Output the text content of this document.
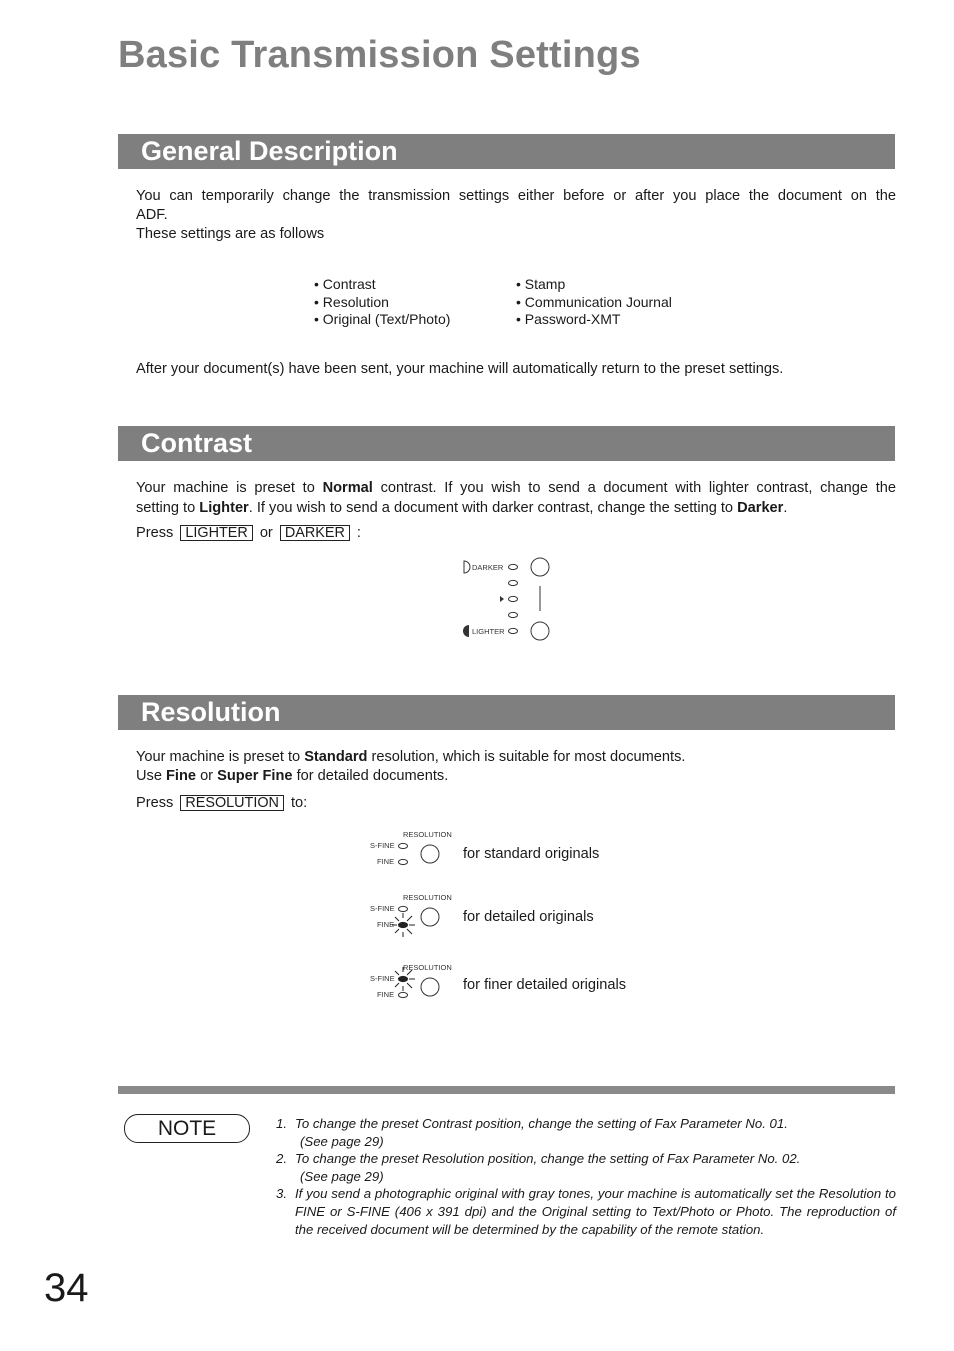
Basic Transmission Settings
General Description
You can temporarily change the transmission settings either before or after you place the document on the
ADF.
These settings are as follows
• Contrast
• Resolution
• Original (Text/Photo)
• Stamp
• Communication Journal
• Password-XMT
After your document(s) have been sent, your machine will automatically return to the preset settings.
Contrast
Your machine is preset to Normal contrast. If you wish to send a document with lighter contrast, change the
setting to Lighter. If you wish to send a document with darker contrast, change the setting to Darker.
Press LIGHTER or DARKER :
DARKER
LIGHTER
Resolution
Your machine is preset to Standard resolution, which is suitable for most documents.
Use Fine or Super Fine for detailed documents.
Press RESOLUTION to:
RESOLUTION
S-FINE
FINE	for standard originals
RESOLUTION
S-FINE
FINE	for detailed originals
RESOLUTION
S-FINE
FINE
for finer detailed originals
NOTE	1. To change the preset Contrast position, change the setting of Fax Parameter No. 01.
(See page 29)
2. To change the preset Resolution position, change the setting of Fax Parameter No. 02.
(See page 29)
3. If you send a photographic original with gray tones, your machine is automatically set the Resolution to FINE or S-FINE (406 x 391 dpi) and the Original setting to Text/Photo or Photo. The reproduction of the received document will be determined by the capability of the remote station.
34
